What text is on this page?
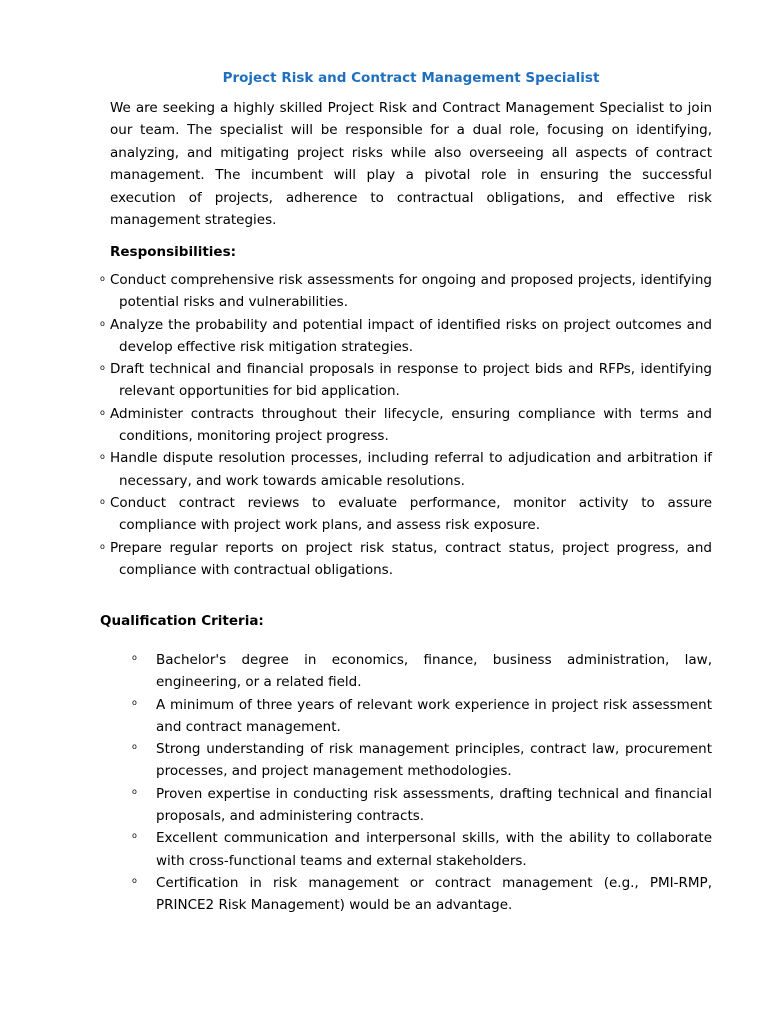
Project Risk and Contract Management Specialist

We are seeking a highly skilled Project Risk and Contract Management Specialist to join our team. The specialist will be responsible for a dual role, focusing on identifying, analyzing, and mitigating project risks while also overseeing all aspects of contract management. The incumbent will play a pivotal role in ensuring the successful execution of projects, adherence to contractual obligations, and effective risk management strategies.

Responsibilities:
o Conduct comprehensive risk assessments for ongoing and proposed projects, identifying potential risks and vulnerabilities.
o Analyze the probability and potential impact of identified risks on project outcomes and develop effective risk mitigation strategies.
o Draft technical and financial proposals in response to project bids and RFPs, identifying relevant opportunities for bid application.
o Administer contracts throughout their lifecycle, ensuring compliance with terms and conditions, monitoring project progress.
o Handle dispute resolution processes, including referral to adjudication and arbitration if necessary, and work towards amicable resolutions.
o Conduct contract reviews to evaluate performance, monitor activity to assure compliance with project work plans, and assess risk exposure.
o Prepare regular reports on project risk status, contract status, project progress, and compliance with contractual obligations.
Qualification Criteria:
o Bachelor's degree in economics, finance, business administration, law, engineering, or a related field.
o A minimum of three years of relevant work experience in project risk assessment and contract management.
o Strong understanding of risk management principles, contract law, procurement processes, and project management methodologies.
o Proven expertise in conducting risk assessments, drafting technical and financial proposals, and administering contracts.
o Excellent communication and interpersonal skills, with the ability to collaborate with cross-functional teams and external stakeholders.
o Certification in risk management or contract management (e.g., PMI-RMP, PRINCE2 Risk Management) would be an advantage.
